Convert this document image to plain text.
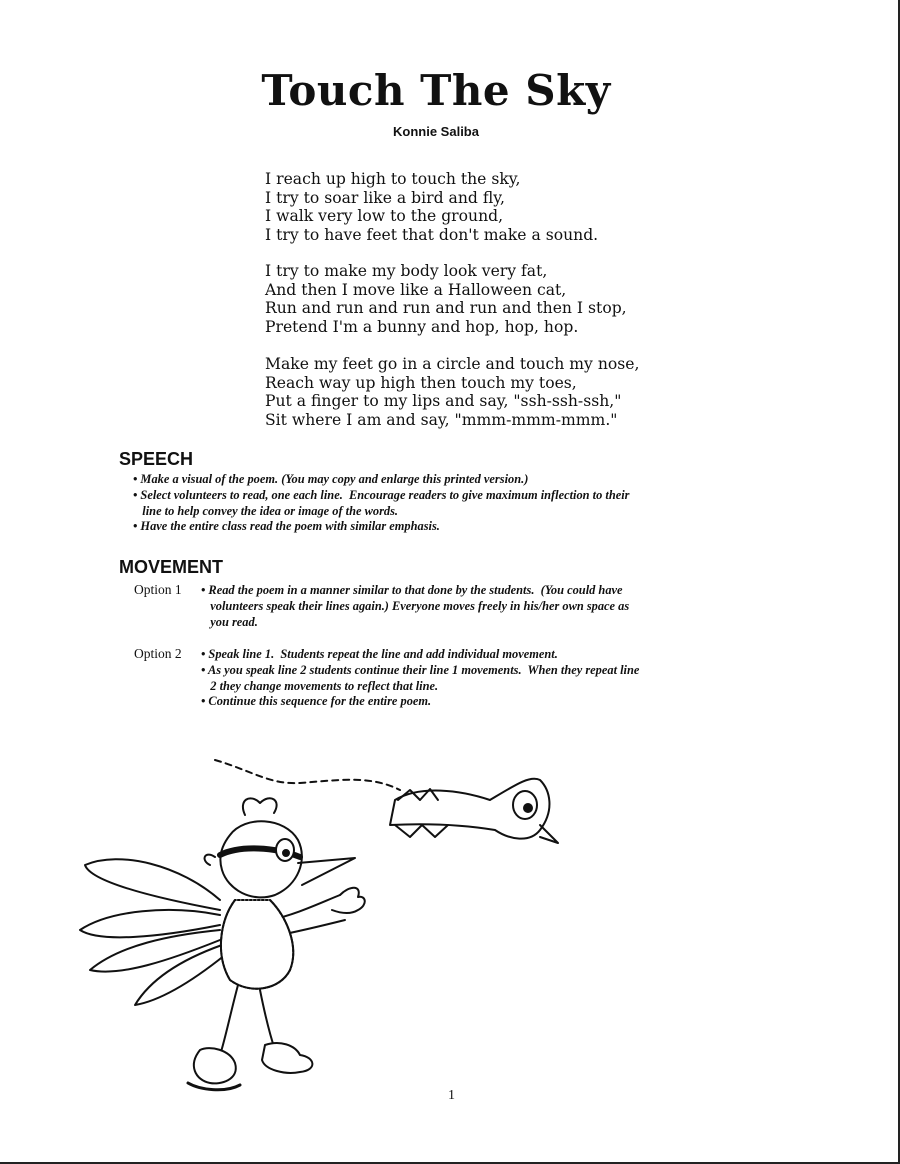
Touch The Sky
Konnie Saliba
I reach up high to touch the sky,
I try to soar like a bird and fly,
I walk very low to the ground,
I try to have feet that don't make a sound.
I try to make my body look very fat,
And then I move like a Halloween cat,
Run and run and run and run and then I stop,
Pretend I'm a bunny and hop, hop, hop.
Make my feet go in a circle and touch my nose,
Reach way up high then touch my toes,
Put a finger to my lips and say, "ssh-ssh-ssh,"
Sit where I am and say, "mmm-mmm-mmm."
SPEECH
• Make a visual of the poem. (You may copy and enlarge this printed version.)
• Select volunteers to read, one each line.  Encourage readers to give maximum inflection to their
line to help convey the idea or image of the words.
• Have the entire class read the poem with similar emphasis.
MOVEMENT
Option 1 • Read the poem in a manner similar to that done by the students.  (You could have
volunteers speak their lines again.) Everyone moves freely in his/her own space as
you read.
Option 2 • Speak line 1.  Students repeat the line and add individual movement.
• As you speak line 2 students continue their line 1 movements.  When they repeat line
2 they change movements to reflect that line.
• Continue this sequence for the entire poem.
1
